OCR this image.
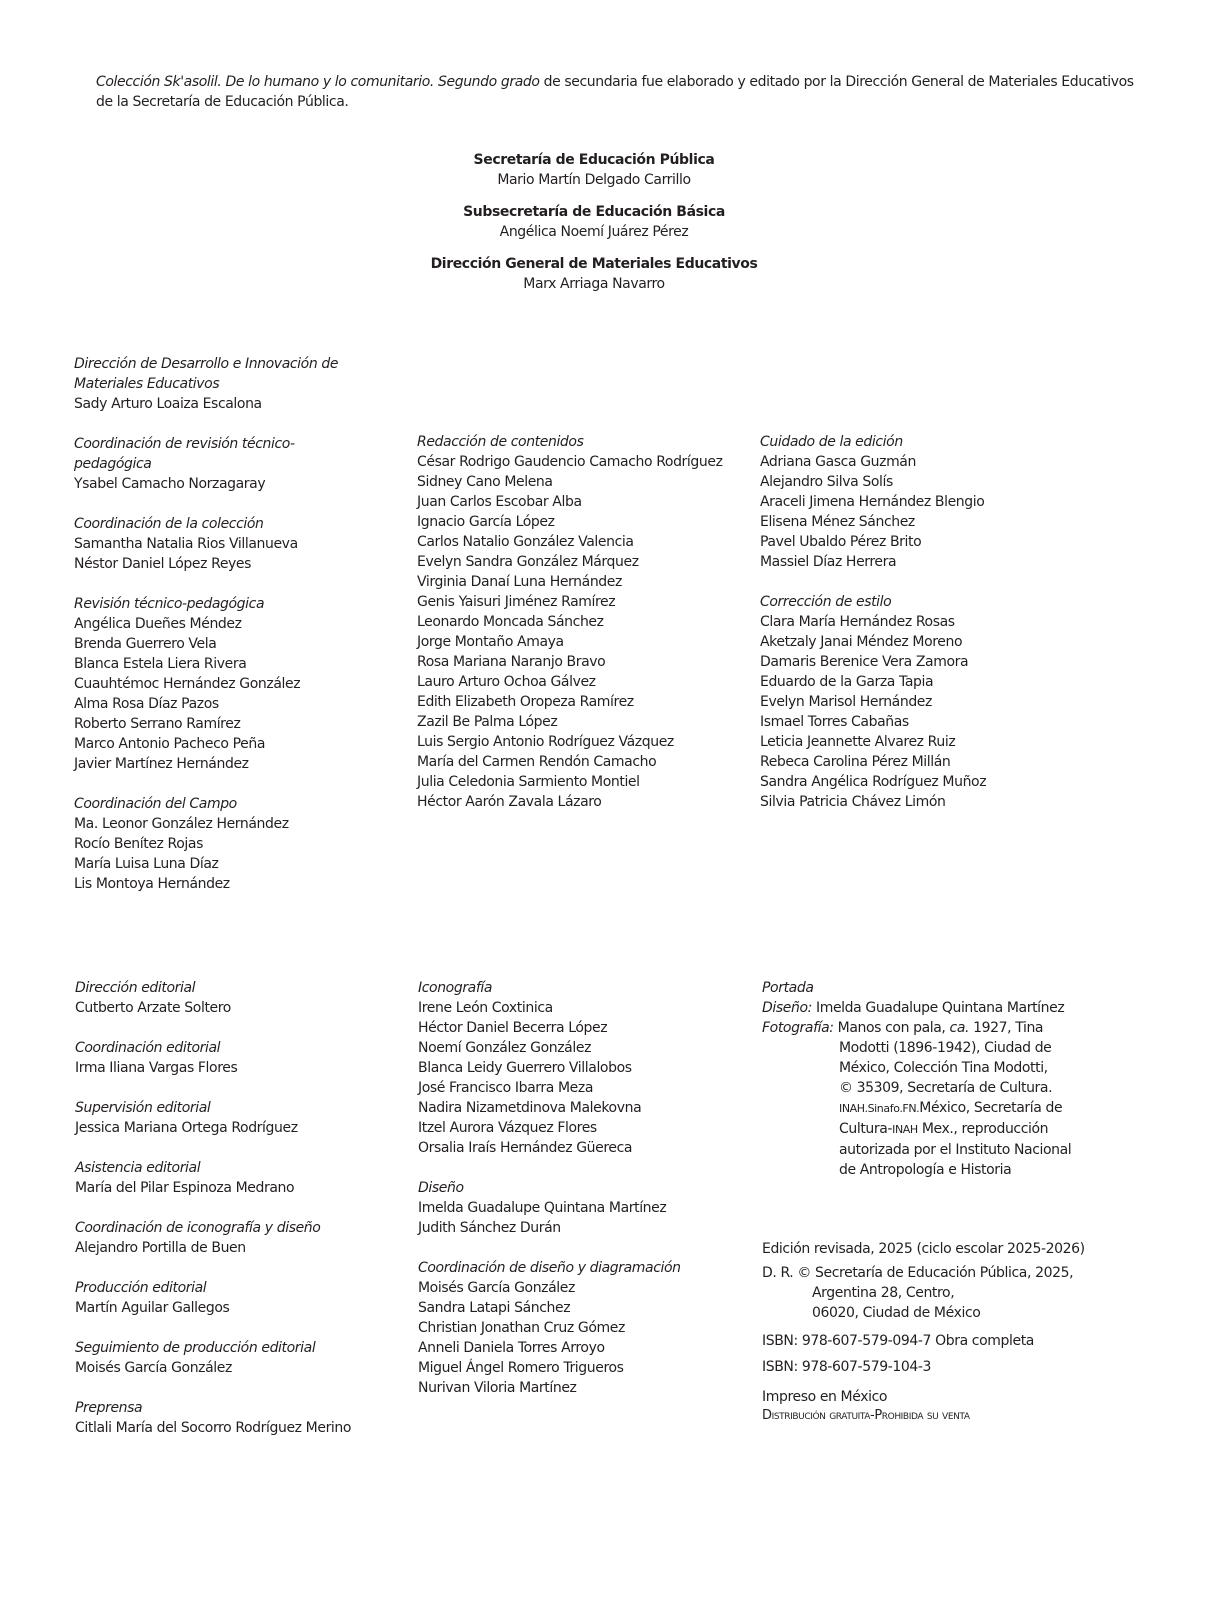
Colección Sk'asolil. De lo humano y lo comunitario. Segundo grado de secundaria fue elaborado y editado por la Dirección General de Materiales Educativos de la Secretaría de Educación Pública.
Secretaría de Educación Pública
Mario Martín Delgado Carrillo
Subsecretaría de Educación Básica
Angélica Noemí Juárez Pérez
Dirección General de Materiales Educativos
Marx Arriaga Navarro
Dirección de Desarrollo e Innovación de Materiales Educativos
Sady Arturo Loaiza Escalona
Coordinación de revisión técnico-pedagógica
Ysabel Camacho Norzagaray
Coordinación de la colección
Samantha Natalia Rios Villanueva
Néstor Daniel López Reyes
Revisión técnico-pedagógica
Angélica Dueñes Méndez
Brenda Guerrero Vela
Blanca Estela Liera Rivera
Cuauhtémoc Hernández González
Alma Rosa Díaz Pazos
Roberto Serrano Ramírez
Marco Antonio Pacheco Peña
Javier Martínez Hernández
Coordinación del Campo
Ma. Leonor González Hernández
Rocío Benítez Rojas
María Luisa Luna Díaz
Lis Montoya Hernández
Redacción de contenidos
César Rodrigo Gaudencio Camacho Rodríguez
Sidney Cano Melena
Juan Carlos Escobar Alba
Ignacio García López
Carlos Natalio González Valencia
Evelyn Sandra González Márquez
Virginia Danaí Luna Hernández
Genis Yaisuri Jiménez Ramírez
Leonardo Moncada Sánchez
Jorge Montaño Amaya
Rosa Mariana Naranjo Bravo
Lauro Arturo Ochoa Gálvez
Edith Elizabeth Oropeza Ramírez
Zazil Be Palma López
Luis Sergio Antonio Rodríguez Vázquez
María del Carmen Rendón Camacho
Julia Celedonia Sarmiento Montiel
Héctor Aarón Zavala Lázaro
Cuidado de la edición
Adriana Gasca Guzmán
Alejandro Silva Solís
Araceli Jimena Hernández Blengio
Elisena Ménez Sánchez
Pavel Ubaldo Pérez Brito
Massiel Díaz Herrera
Corrección de estilo
Clara María Hernández Rosas
Aketzaly Janai Méndez Moreno
Damaris Berenice Vera Zamora
Eduardo de la Garza Tapia
Evelyn Marisol Hernández
Ismael Torres Cabañas
Leticia Jeannette Alvarez Ruiz
Rebeca Carolina Pérez Millán
Sandra Angélica Rodríguez Muñoz
Silvia Patricia Chávez Limón
Dirección editorial
Cutberto Arzate Soltero
Coordinación editorial
Irma Iliana Vargas Flores
Supervisión editorial
Jessica Mariana Ortega Rodríguez
Asistencia editorial
María del Pilar Espinoza Medrano
Coordinación de iconografía y diseño
Alejandro Portilla de Buen
Producción editorial
Martín Aguilar Gallegos
Seguimiento de producción editorial
Moisés García González
Preprensa
Citlali María del Socorro Rodríguez Merino
Iconografía
Irene León Coxtinica
Héctor Daniel Becerra López
Noemí González González
Blanca Leidy Guerrero Villalobos
José Francisco Ibarra Meza
Nadira Nizametdinova Malekovna
Itzel Aurora Vázquez Flores
Orsalia Iraís Hernández Güereca
Diseño
Imelda Guadalupe Quintana Martínez
Judith Sánchez Durán
Coordinación de diseño y diagramación
Moisés García González
Sandra Latapi Sánchez
Christian Jonathan Cruz Gómez
Anneli Daniela Torres Arroyo
Miguel Ángel Romero Trigueros
Nurivan Viloria Martínez
Portada
Diseño: Imelda Guadalupe Quintana Martínez
Fotografía: Manos con pala, ca. 1927, Tina
Modotti (1896-1942), Ciudad de
México, Colección Tina Modotti,
© 35309, Secretaría de Cultura.
INAH.Sinafo.FN.México, Secretaría de
Cultura-INAH Mex., reproducción
autorizada por el Instituto Nacional
de Antropología e Historia
Edición revisada, 2025 (ciclo escolar 2025-2026)
D. R. © Secretaría de Educación Pública, 2025,
Argentina 28, Centro,
06020, Ciudad de México
ISBN: 978-607-579-094-7 Obra completa
ISBN: 978-607-579-104-3
Impreso en México
Distribución gratuita-Prohibida su venta
